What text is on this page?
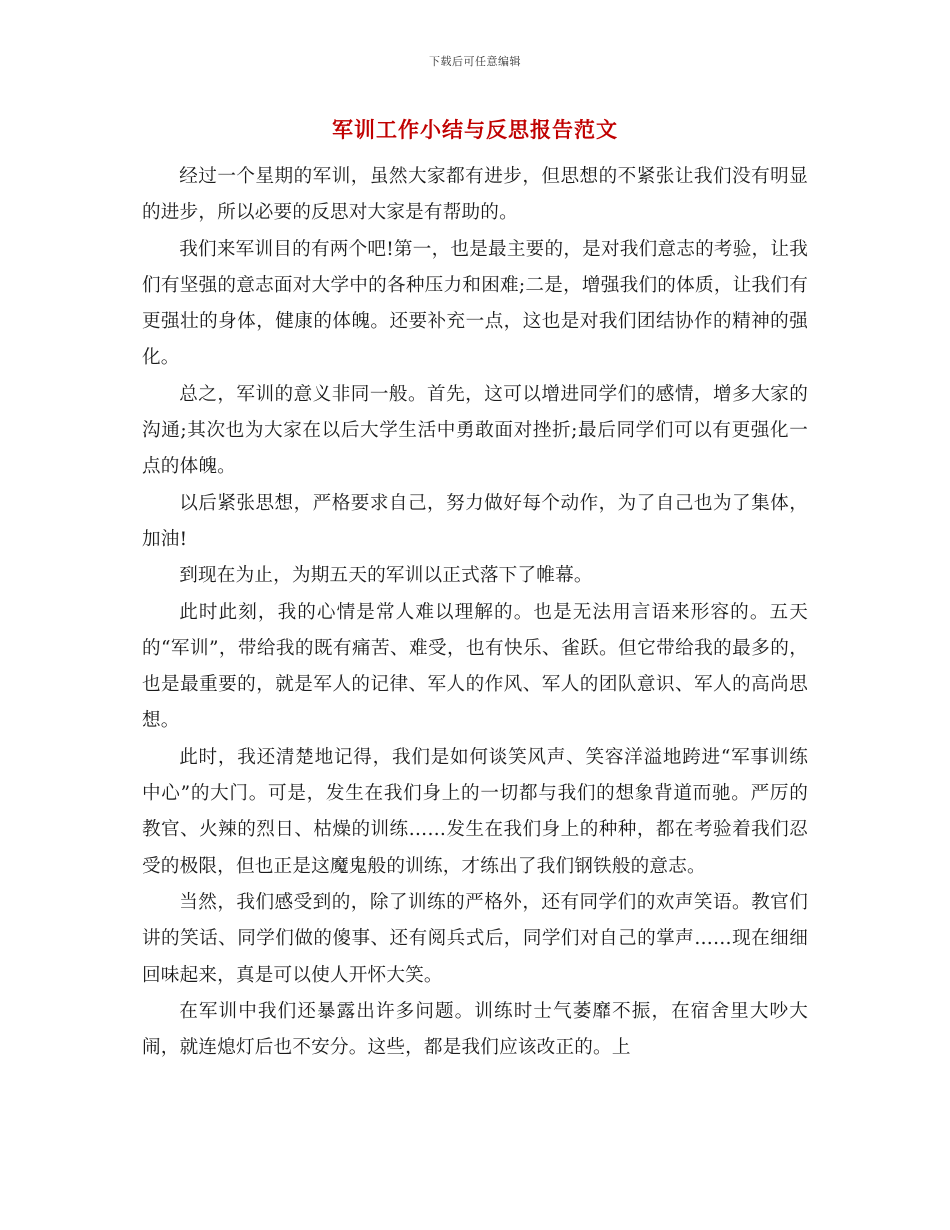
下载后可任意编辑
军训工作小结与反思报告范文

经过一个星期的军训，虽然大家都有进步，但思想的不紧张让我们没有明显的进步，所以必要的反思对大家是有帮助的。

我们来军训目的有两个吧!第一，也是最主要的，是对我们意志的考验，让我们有坚强的意志面对大学中的各种压力和困难;二是，增强我们的体质，让我们有更强壮的身体，健康的体魄。还要补充一点，这也是对我们团结协作的精神的强化。

总之，军训的意义非同一般。首先，这可以增进同学们的感情，增多大家的沟通;其次也为大家在以后大学生活中勇敢面对挫折;最后同学们可以有更强化一点的体魄。

以后紧张思想，严格要求自己，努力做好每个动作，为了自己也为了集体，加油!

到现在为止，为期五天的军训以正式落下了帷幕。

此时此刻，我的心情是常人难以理解的。也是无法用言语来形容的。五天的“军训”，带给我的既有痛苦、难受，也有快乐、雀跃。但它带给我的最多的，也是最重要的，就是军人的记律、军人的作风、军人的团队意识、军人的高尚思想。

此时，我还清楚地记得，我们是如何谈笑风声、笑容洋溢地跨进“军事训练中心”的大门。可是，发生在我们身上的一切都与我们的想象背道而驰。严厉的教官、火辣的烈日、枯燥的训练……发生在我们身上的种种，都在考验着我们忍受的极限，但也正是这魔鬼般的训练，才练出了我们钢铁般的意志。

当然，我们感受到的，除了训练的严格外，还有同学们的欢声笑语。教官们讲的笑话、同学们做的傻事、还有阅兵式后，同学们对自己的掌声……现在细细回味起来，真是可以使人开怀大笑。

在军训中我们还暴露出许多问题。训练时士气萎靡不振，在宿舍里大吵大闹，就连熄灯后也不安分。这些，都是我们应该改正的。上
